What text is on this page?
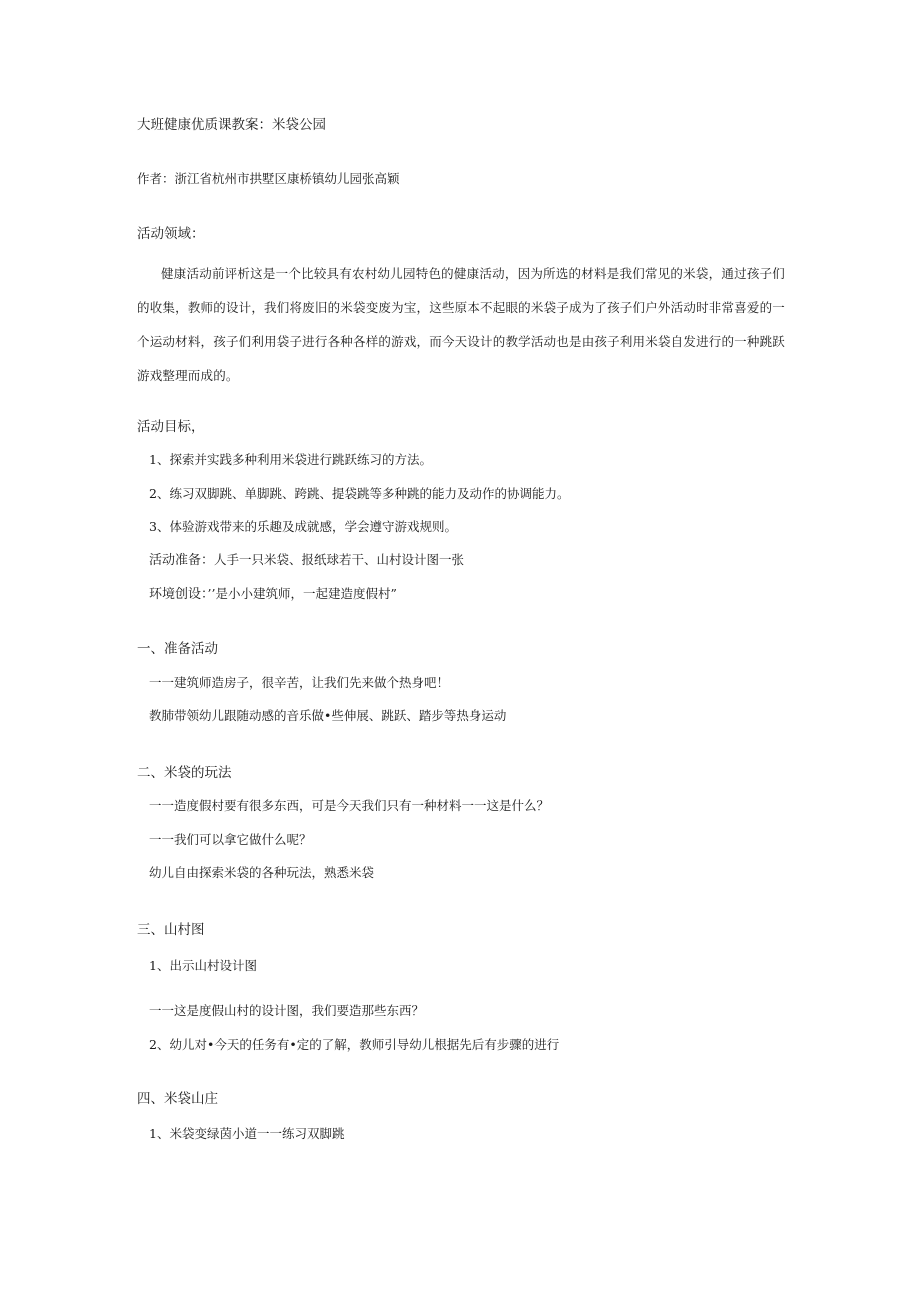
大班健康优质课教案：米袋公园
作者：浙江省杭州市拱墅区康桥镇幼儿园张高颖
活动领域：
健康活动前评析这是一个比较具有农村幼儿园特色的健康活动，因为所选的材料是我们常见的米袋，通过孩子们的收集，教师的设计，我们将废旧的米袋变废为宝，这些原本不起眼的米袋子成为了孩子们户外活动时非常喜爱的一个运动材料，孩子们利用袋子进行各种各样的游戏，而今天设计的教学活动也是由孩子利用米袋自发进行的一种跳跃游戏整理而成的。
活动目标，
1、探索并实践多种利用米袋进行跳跃练习的方法。
2、练习双脚跳、单脚跳、跨跳、提袋跳等多种跳的能力及动作的协调能力。
3、体验游戏带来的乐趣及成就感，学会遵守游戏规则。
活动准备：人手一只米袋、报纸球若干、山村设计图一张
环境创设：’’是小小建筑师，一起建造度假村”
一、准备活动
一一建筑师造房子，很辛苦，让我们先来做个热身吧！
教肺带领幼儿跟随动感的音乐做•些伸展、跳跃、踏步等热身运动
二、米袋的玩法
一一造度假村要有很多东西，可是今天我们只有一种材料一一这是什么？
一一我们可以拿它做什么呢？
幼儿自由探索米袋的各种玩法，熟悉米袋
三、山村图
1、出示山村设计图
一一这是度假山村的设计图，我们要造那些东西？
2、幼儿对•今天的任务有•定的了解，教师引导幼儿根据先后有步骤的进行
四、米袋山庄
1、米袋变绿茵小道一一练习双脚跳
